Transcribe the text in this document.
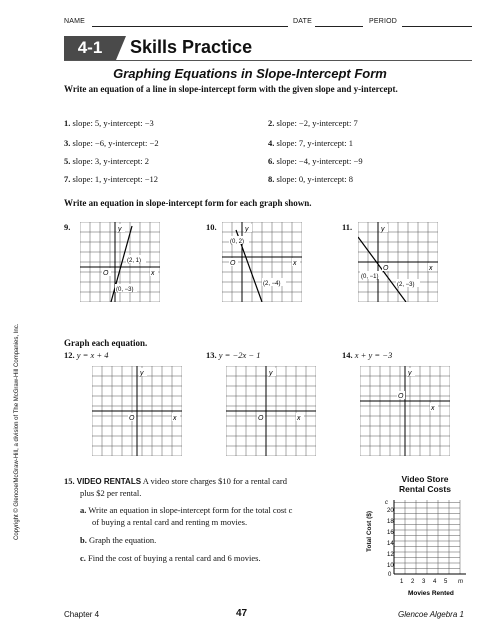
NAME	DATE	PERIOD
4-1	Skills Practice
Graphing Equations in Slope-Intercept Form
Write an equation of a line in slope-intercept form with the given slope and y-intercept.
1. slope: 5, y-intercept: −3	2. slope: −2, y-intercept: 7
3. slope: −6, y-intercept: −2	4. slope: 7, y-intercept: 1
5. slope: 3, y-intercept: 2	6. slope: −4, y-intercept: −9
7. slope: 1, y-intercept: −12	8. slope: 0, y-intercept: 8
Write an equation in slope-intercept form for each graph shown.
9.	10.	11.
y
x
O
(2, 1)
(0, −3)
y
x
O
(0, 2)
(2, −4)
y
x
O
(0, −1)
(2, −3)
Graph each equation.
12. y = x + 4	13. y = −2x − 1	14. x + y = −3
y
x
O
y
x
O
y
x
O
15. VIDEO RENTALS A video store charges $10 for a rental card
plus $2 per rental.
a. Write an equation in slope-intercept form for the total cost c
of buying a rental card and renting m movies.
b. Graph the equation.
c. Find the cost of buying a rental card and 6 movies.
Video Store
Rental Costs
Total Cost ($)
c
20
18
16
14
12
10
0
1 2 3 4 5 m
Movies Rented
Copyright © Glencoe/McGraw-Hill, a division of The McGraw-Hill Companies, Inc.
Chapter 4	47	Glencoe Algebra 1
